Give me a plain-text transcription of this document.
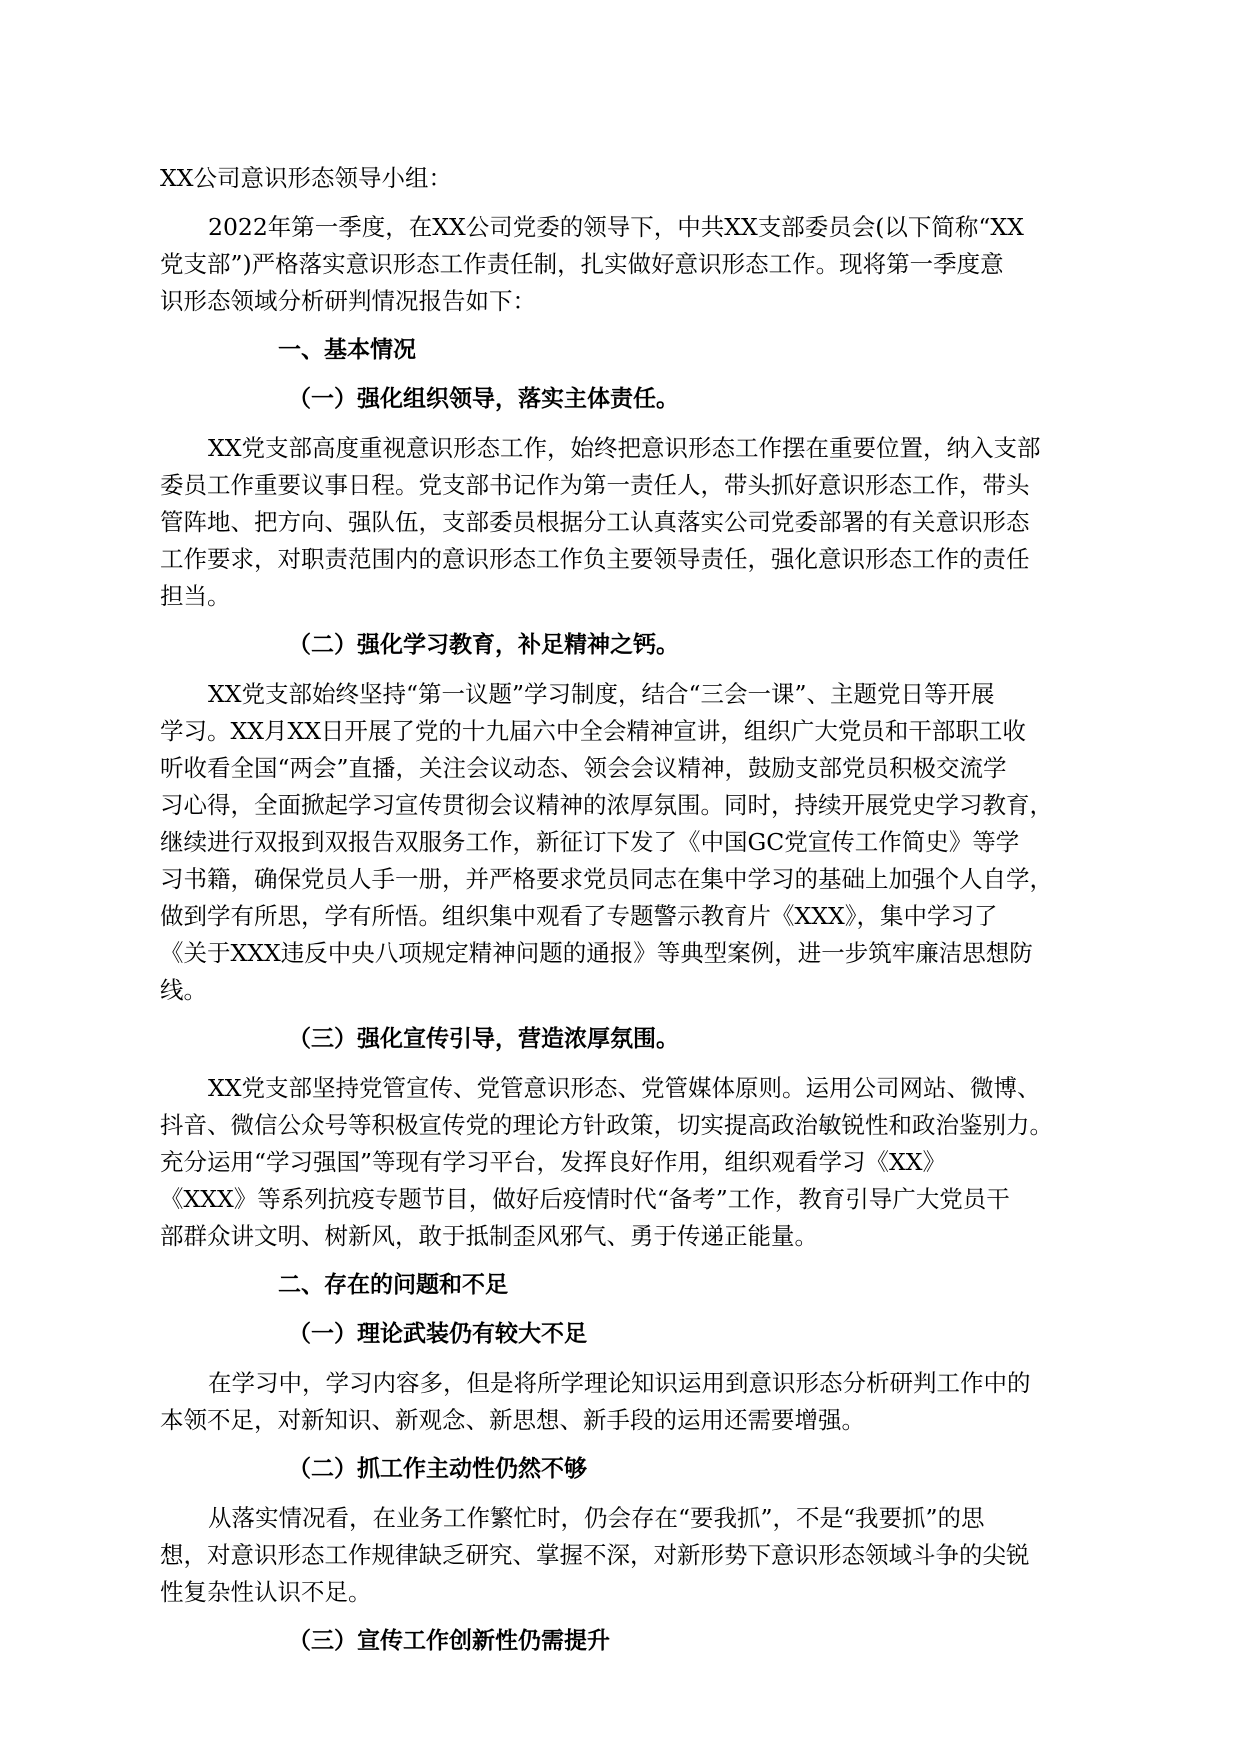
XX公司意识形态领导小组：

2022年第一季度，在XX公司党委的领导下，中共XX支部委员会(以下简称“XX

党支部”)严格落实意识形态工作责任制，扎实做好意识形态工作。现将第一季度意

识形态领域分析研判情况报告如下：

一、基本情况

（一）强化组织领导，落实主体责任。

XX党支部高度重视意识形态工作，始终把意识形态工作摆在重要位置，纳入支部

委员工作重要议事日程。党支部书记作为第一责任人，带头抓好意识形态工作，带头

管阵地、把方向、强队伍，支部委员根据分工认真落实公司党委部署的有关意识形态

工作要求，对职责范围内的意识形态工作负主要领导责任，强化意识形态工作的责任

担当。

（二）强化学习教育，补足精神之钙。

XX党支部始终坚持“第一议题”学习制度，结合“三会一课”、主题党日等开展

学习。XX月XX日开展了党的十九届六中全会精神宣讲，组织广大党员和干部职工收

听收看全国“两会”直播，关注会议动态、领会会议精神，鼓励支部党员积极交流学

习心得，全面掀起学习宣传贯彻会议精神的浓厚氛围。同时，持续开展党史学习教育，

继续进行双报到双报告双服务工作，新征订下发了《中国GC党宣传工作简史》等学

习书籍，确保党员人手一册，并严格要求党员同志在集中学习的基础上加强个人自学，

做到学有所思，学有所悟。组织集中观看了专题警示教育片《XXX》，集中学习了

《关于XXX违反中央八项规定精神问题的通报》等典型案例，进一步筑牢廉洁思想防

线。

（三）强化宣传引导，营造浓厚氛围。

XX党支部坚持党管宣传、党管意识形态、党管媒体原则。运用公司网站、微博、

抖音、微信公众号等积极宣传党的理论方针政策，切实提高政治敏锐性和政治鉴别力。

充分运用“学习强国”等现有学习平台，发挥良好作用，组织观看学习《XX》

《XXX》等系列抗疫专题节目，做好后疫情时代“备考”工作，教育引导广大党员干

部群众讲文明、树新风，敢于抵制歪风邪气、勇于传递正能量。

二、存在的问题和不足

（一）理论武装仍有较大不足

在学习中，学习内容多，但是将所学理论知识运用到意识形态分析研判工作中的

本领不足，对新知识、新观念、新思想、新手段的运用还需要增强。

（二）抓工作主动性仍然不够

从落实情况看，在业务工作繁忙时，仍会存在“要我抓”，不是“我要抓”的思

想，对意识形态工作规律缺乏研究、掌握不深，对新形势下意识形态领域斗争的尖锐

性复杂性认识不足。

（三）宣传工作创新性仍需提升
